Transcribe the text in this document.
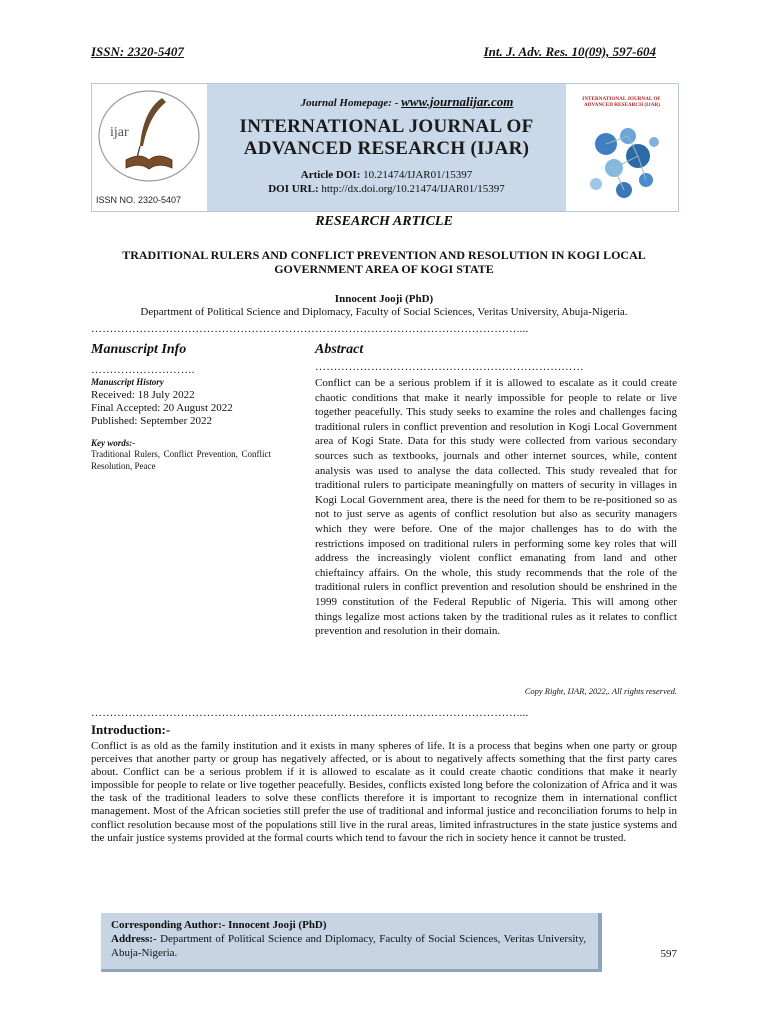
ISSN: 2320-5407	Int. J. Adv. Res. 10(09), 597-604
ijar
ISSN NO. 2320-5407
Journal Homepage: - www.journalijar.com
INTERNATIONAL JOURNAL OF ADVANCED RESEARCH (IJAR)
Article DOI: 10.21474/IJAR01/15397
DOI URL: http://dx.doi.org/10.21474/IJAR01/15397
INTERNATIONAL JOURNAL OF ADVANCED RESEARCH (IJAR)
RESEARCH ARTICLE
TRADITIONAL RULERS AND CONFLICT PREVENTION AND RESOLUTION IN KOGI LOCAL GOVERNMENT AREA OF KOGI STATE
Innocent Jooji (PhD)
Department of Political Science and Diplomacy, Faculty of Social Sciences, Veritas University, Abuja-Nigeria.
……………………………………………………………………………………………………....
Manuscript Info	Abstract
……………………….	………………………………………………………………
Manuscript History
Received: 18 July 2022
Final Accepted: 20 August 2022
Published: September 2022
Key words:-
Traditional Rulers, Conflict Prevention, Conflict Resolution, Peace
Conflict can be a serious problem if it is allowed to escalate as it could create chaotic conditions that make it nearly impossible for people to relate or live together peacefully. This study seeks to examine the roles and challenges facing traditional rulers in conflict prevention and resolution in Kogi Local Government area of Kogi State. Data for this study were collected from various secondary sources such as textbooks, journals and other internet sources, while, content analysis was used to analyse the data collected. This study revealed that for traditional rulers to participate meaningfully on matters of security in villages in Kogi Local Government area, there is the need for them to be re-positioned so as not to just serve as agents of conflict resolution but also as security managers which they were before. One of the major challenges has to do with the restrictions imposed on traditional rulers in performing some key roles that will address the increasingly violent conflict emanating from land and other chieftaincy affairs. On the whole, this study recommends that the role of the traditional rulers in conflict prevention and resolution should be enshrined in the 1999 constitution of the Federal Republic of Nigeria. This will among other things legalize most actions taken by the traditional rules as it relates to conflict prevention and resolution in their domain.
Copy Right, IJAR, 2022,. All rights reserved.
……………………………………………………………………………………………………....
Introduction:-
Conflict is as old as the family institution and it exists in many spheres of life. It is a process that begins when one party or group perceives that another party or group has negatively affected, or is about to negatively affects something that the first party cares about. Conflict can be a serious problem if it is allowed to escalate as it could create chaotic conditions that make it nearly impossible for people to relate or live together peacefully. Besides, conflicts existed long before the colonization of Africa and it was the task of the traditional leaders to solve these conflicts therefore it is important to recognize them in international conflict management. Most of the African societies still prefer the use of traditional and informal justice and reconciliation forums to help in conflict resolution because most of the populations still live in the rural areas, limited infrastructures in the state justice systems and the unfair justice systems provided at the formal courts which tend to favour the rich in society hence it cannot be trusted.
Corresponding Author:- Innocent Jooji (PhD)
Address:- Department of Political Science and Diplomacy, Faculty of Social Sciences, Veritas University, Abuja-Nigeria.	597
